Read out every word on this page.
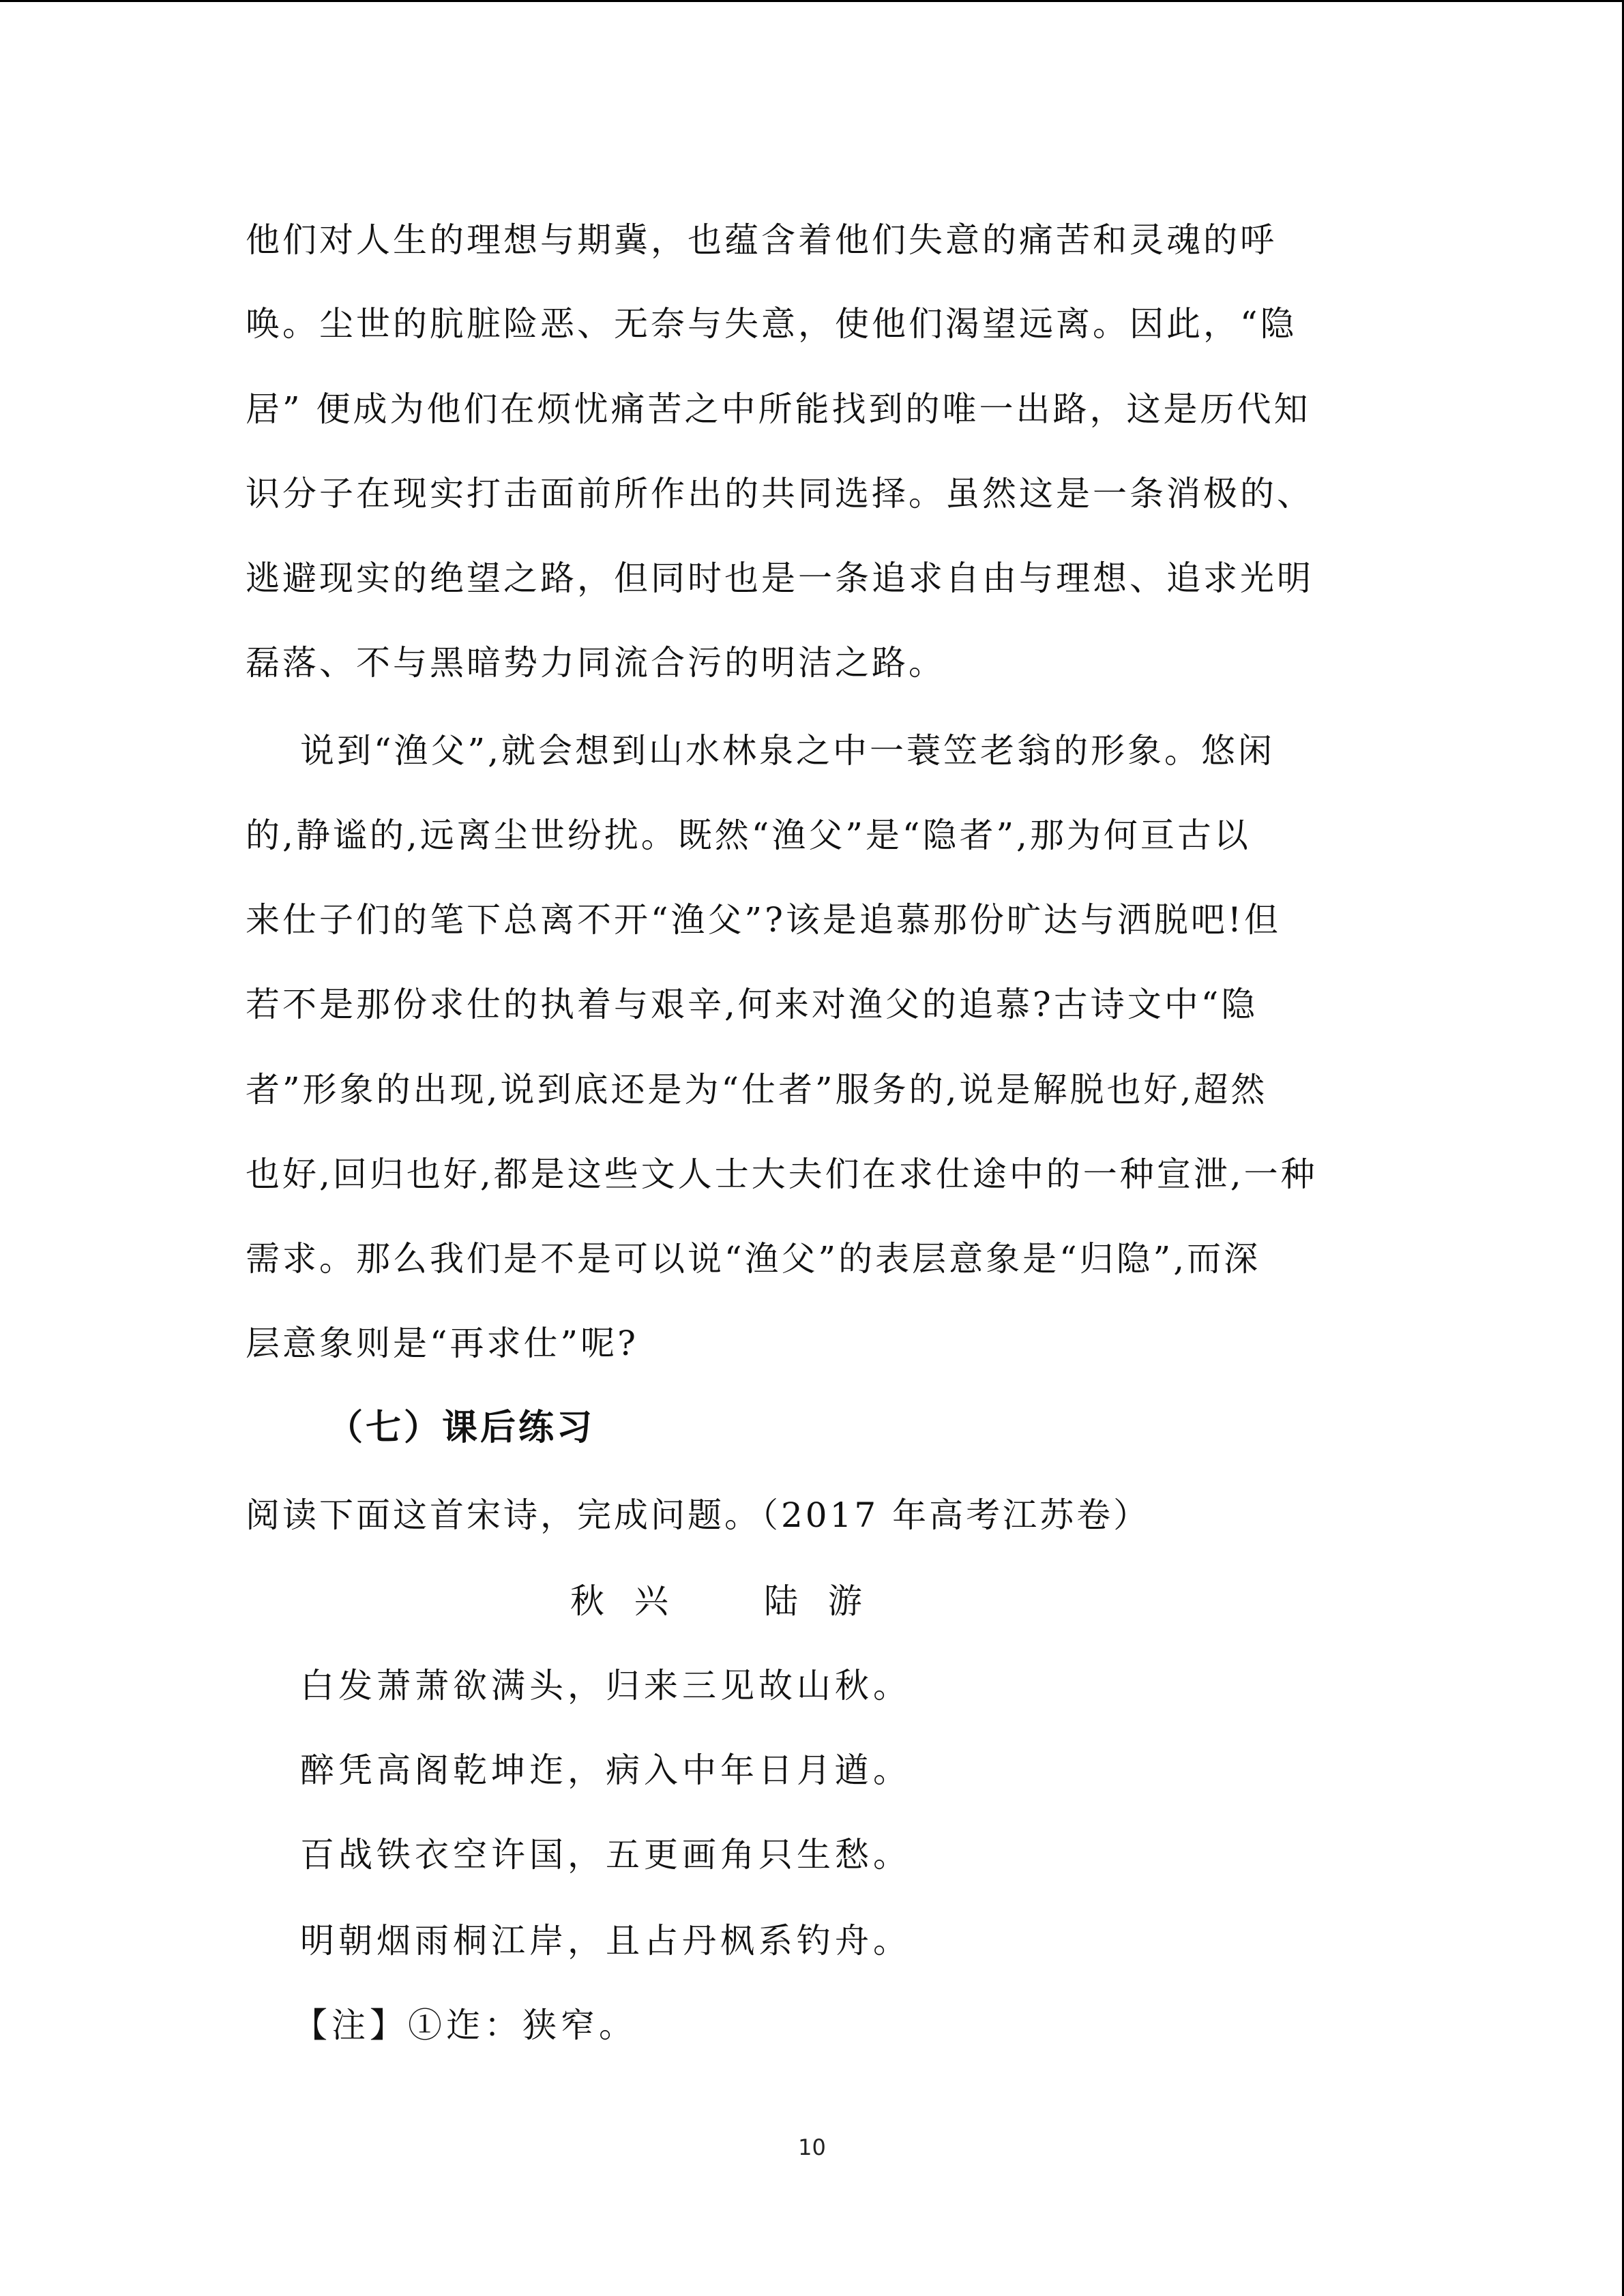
他们对人生的理想与期冀，也蕴含着他们失意的痛苦和灵魂的呼
唤。尘世的肮脏险恶、无奈与失意，使他们渴望远离。因此，“隐
居” 便成为他们在烦忧痛苦之中所能找到的唯一出路，这是历代知
识分子在现实打击面前所作出的共同选择。虽然这是一条消极的、
逃避现实的绝望之路，但同时也是一条追求自由与理想、追求光明
磊落、不与黑暗势力同流合污的明洁之路。
说到“渔父”,就会想到山水林泉之中一蓑笠老翁的形象。悠闲
的,静谧的,远离尘世纷扰。既然“渔父”是“隐者”,那为何亘古以
来仕子们的笔下总离不开“渔父”?该是追慕那份旷达与洒脱吧!但
若不是那份求仕的执着与艰辛,何来对渔父的追慕?古诗文中“隐
者”形象的出现,说到底还是为“仕者”服务的,说是解脱也好,超然
也好,回归也好,都是这些文人士大夫们在求仕途中的一种宣泄,一种
需求。那么我们是不是可以说“渔父”的表层意象是“归隐”,而深
层意象则是“再求仕”呢?
（七）课后练习
阅读下面这首宋诗，完成问题。（2017 年高考江苏卷）
秋 兴	陆 游
白发萧萧欲满头，归来三见故山秋。
醉凭高阁乾坤迮，病入中年日月遒。
百战铁衣空许国，五更画角只生愁。
明朝烟雨桐江岸，且占丹枫系钓舟。
【注】①迮：狭窄。
10
